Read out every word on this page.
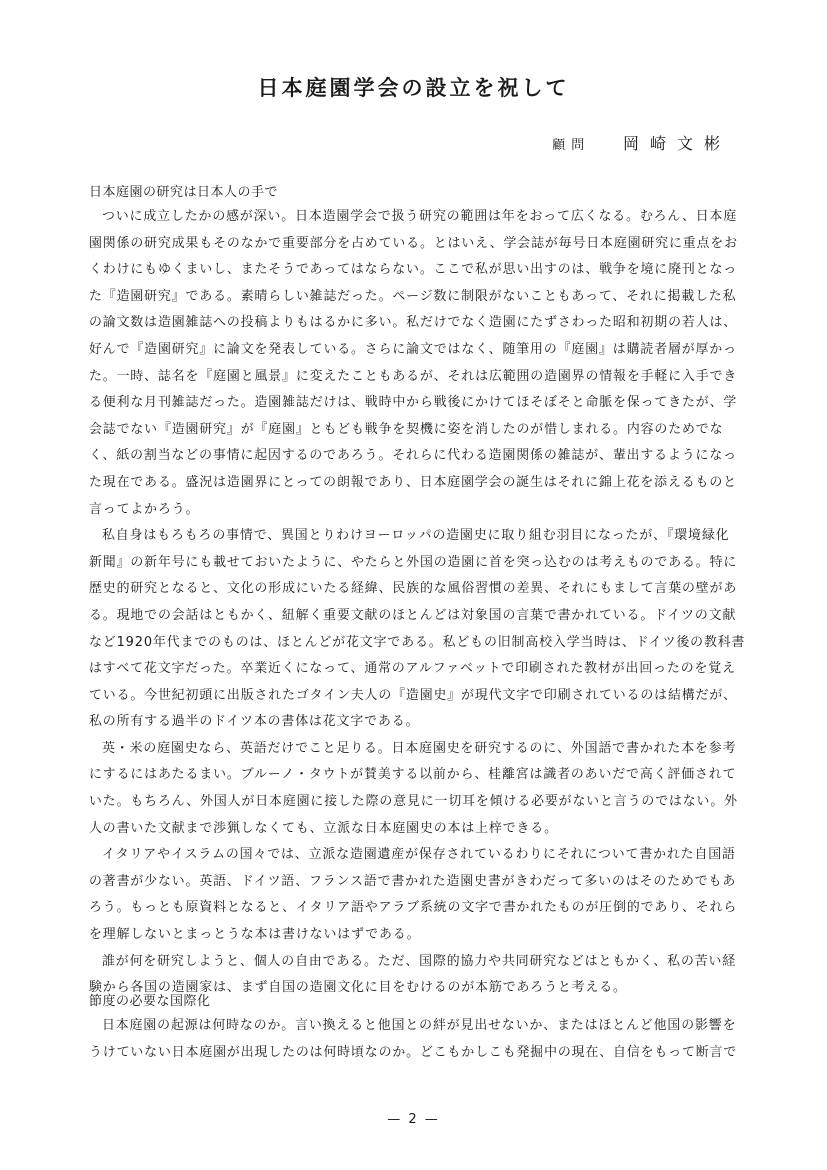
日本庭園学会の設立を祝して
顧問 岡崎文彬
日本庭園の研究は日本人の手で
ついに成立したかの感が深い。日本造園学会で扱う研究の範囲は年をおって広くなる。むろん、日本庭
園関係の研究成果もそのなかで重要部分を占めている。とはいえ、学会誌が毎号日本庭園研究に重点をお
くわけにもゆくまいし、またそうであってはならない。ここで私が思い出すのは、戦争を境に廃刊となっ
た『造園研究』である。素晴らしい雑誌だった。ページ数に制限がないこともあって、それに掲載した私
の論文数は造園雑誌への投稿よりもはるかに多い。私だけでなく造園にたずさわった昭和初期の若人は、
好んで『造園研究』に論文を発表している。さらに論文ではなく、随筆用の『庭園』は購読者層が厚かっ
た。一時、誌名を『庭園と風景』に変えたこともあるが、それは広範囲の造園界の情報を手軽に入手でき
る便利な月刊雑誌だった。造園雑誌だけは、戦時中から戦後にかけてほそぼそと命脈を保ってきたが、学
会誌でない『造園研究』が『庭園』ともども戦争を契機に姿を消したのが惜しまれる。内容のためでな
く、紙の割当などの事情に起因するのであろう。それらに代わる造園関係の雑誌が、輩出するようになっ
た現在である。盛況は造園界にとっての朗報であり、日本庭園学会の誕生はそれに錦上花を添えるものと
言ってよかろう。
私自身はもろもろの事情で、異国とりわけヨーロッパの造園史に取り組む羽目になったが、『環境緑化
新聞』の新年号にも載せておいたように、やたらと外国の造園に首を突っ込むのは考えものである。特に
歴史的研究となると、文化の形成にいたる経緯、民族的な風俗習慣の差異、それにもまして言葉の壁があ
る。現地での会話はともかく、紐解く重要文献のほとんどは対象国の言葉で書かれている。ドイツの文献
など1920年代までのものは、ほとんどが花文字である。私どもの旧制高校入学当時は、ドイツ後の教科書
はすべて花文字だった。卒業近くになって、通常のアルファベットで印刷された教材が出回ったのを覚え
ている。今世紀初頭に出版されたゴタイン夫人の『造園史』が現代文字で印刷されているのは結構だが、
私の所有する過半のドイツ本の書体は花文字である。
英・米の庭園史なら、英語だけでこと足りる。日本庭園史を研究するのに、外国語で書かれた本を参考
にするにはあたるまい。ブルーノ・タウトが賛美する以前から、桂離宮は識者のあいだで高く評価されて
いた。もちろん、外国人が日本庭園に接した際の意見に一切耳を傾ける必要がないと言うのではない。外
人の書いた文献まで渉猟しなくても、立派な日本庭園史の本は上梓できる。
イタリアやイスラムの国々では、立派な造園遺産が保存されているわりにそれについて書かれた自国語
の著書が少ない。英語、ドイツ語、フランス語で書かれた造園史書がきわだって多いのはそのためでもあ
ろう。もっとも原資料となると、イタリア語やアラブ系統の文字で書かれたものが圧倒的であり、それら
を理解しないとまっとうな本は書けないはずである。
誰が何を研究しようと、個人の自由である。ただ、国際的協力や共同研究などはともかく、私の苦い経
験から各国の造園家は、まず自国の造園文化に目をむけるのが本筋であろうと考える。
節度の必要な国際化
日本庭園の起源は何時なのか。言い換えると他国との絆が見出せないか、またはほとんど他国の影響を
うけていない日本庭園が出現したのは何時頃なのか。どこもかしこも発掘中の現在、自信をもって断言で
— 2 —
